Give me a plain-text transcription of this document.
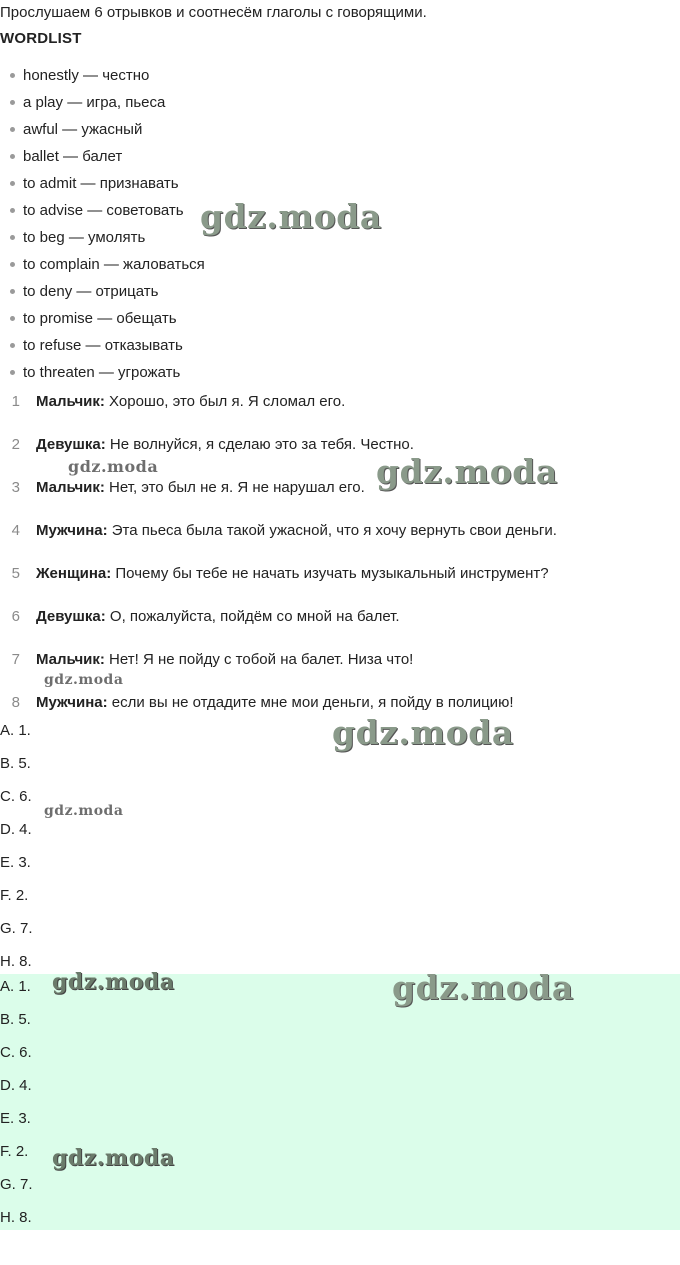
Прослушаем 6 отрывков и соотнесём глаголы с говорящими.
WORDLIST
honestly — честно
a play — игра, пьеса
awful — ужасный
ballet — балет
to admit — признавать
to advise — советовать
to beg — умолять
to complain — жаловаться
to deny — отрицать
to promise — обещать
to refuse — отказывать
to threaten — угрожать
1 Мальчик: Хорошо, это был я. Я сломал его.
2 Девушка: Не волнуйся, я сделаю это за тебя. Честно.
3 Мальчик: Нет, это был не я. Я не нарушал его.
4 Мужчина: Эта пьеса была такой ужасной, что я хочу вернуть свои деньги.
5 Женщина: Почему бы тебе не начать изучать музыкальный инструмент?
6 Девушка: О, пожалуйста, пойдём со мной на балет.
7 Мальчик: Нет! Я не пойду с тобой на балет. Низа что!
8 Мужчина: если вы не отдадите мне мои деньги, я пойду в полицию!
A. 1.
B. 5.
C. 6.
D. 4.
E. 3.
F. 2.
G. 7.
H. 8.
A. 1.
B. 5.
C. 6.
D. 4.
E. 3.
F. 2.
G. 7.
H. 8.
gdz.moda
gdz.moda	gdz.moda
gdz.moda
gdz.moda
gdz.moda
gdz.moda	gdz.moda
gdz.moda
